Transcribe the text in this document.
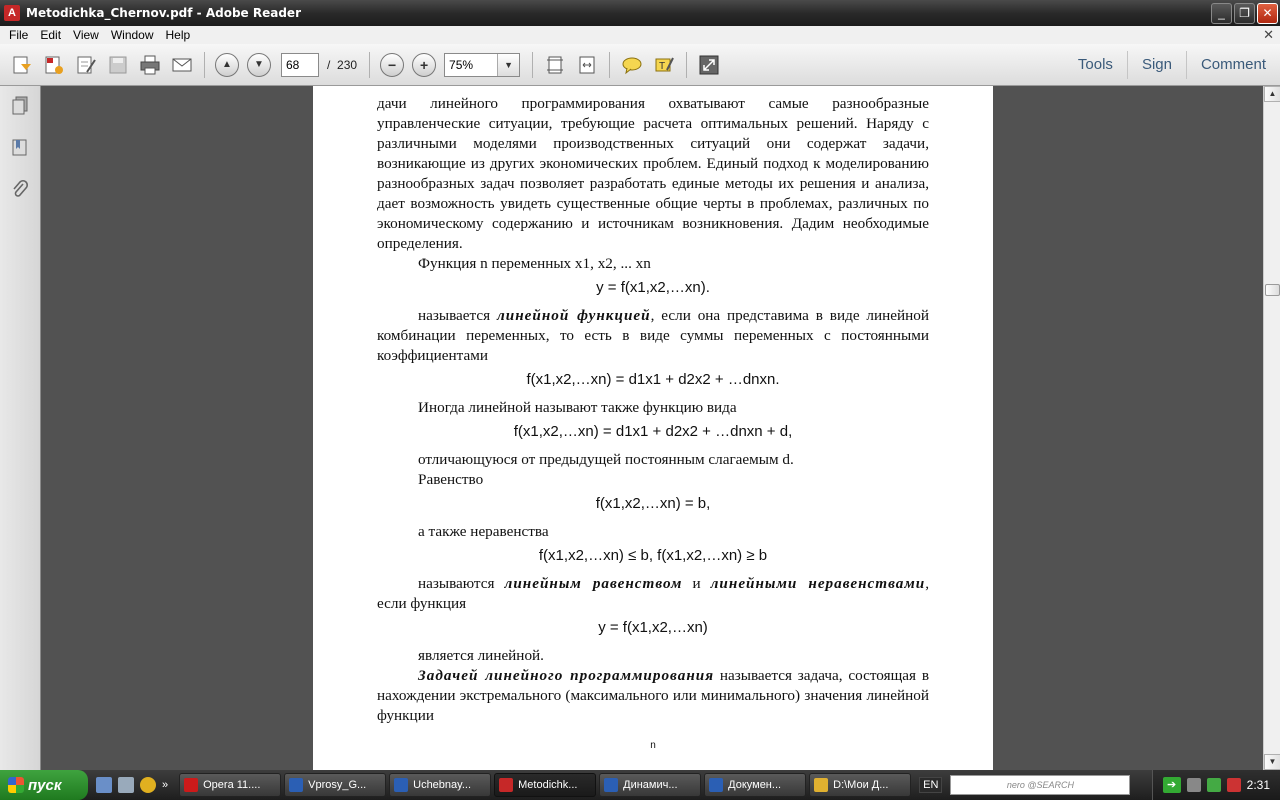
A Metodichka_Chernov.pdf - Adobe Reader	_	❐	✕
File	Edit	View	Window	Help	✕
▲	▼
68	/ 230	−	+
75%	▼	T	Tools	Sign	Comment

дачи линейного программирования охватывают самые разнообразные управленческие ситуации, требующие расчета оптимальных решений. Наряду с различными моделями производственных ситуаций они содержат задачи, возникающие из других экономических проблем. Единый подход к моделированию разнообразных задач позволяет разработать единые методы их решения и анализа, дает возможность увидеть существенные общие черты в проблемах, различных по экономическому содержанию и источникам возникновения. Дадим необходимые определения.

Функция n переменных x1, x2, ... xn

y = f(x1,x2,…xn).

называется линейной функцией, если она представима в виде линейной комбинации переменных, то есть в виде суммы переменных с постоянными коэффициентами

f(x1,x2,…xn) = d1x1 + d2x2 + …dnxn.

Иногда линейной называют также функцию вида

f(x1,x2,…xn) = d1x1 + d2x2 + …dnxn + d,

отличающуюся от предыдущей постоянным слагаемым d.

Равенство

f(x1,x2,…xn) = b,

а также неравенства

f(x1,x2,…xn) ≤ b, f(x1,x2,…xn) ≥ b

называются линейным равенством и линейными неравенствами, если функция

y = f(x1,x2,…xn)

является линейной.

Задачей линейного программирования называется задача, состоящая в нахождении экстремального (максимального или минимального) значения линейной функции

n
▲
▼
пуск	»	Opera 11....	Vprosy_G...	Uchebnay...	Metodichk...	Динамич...	Докумен...	D:\Мои Д...	EN	nero @SEARCH	➔	2:31
